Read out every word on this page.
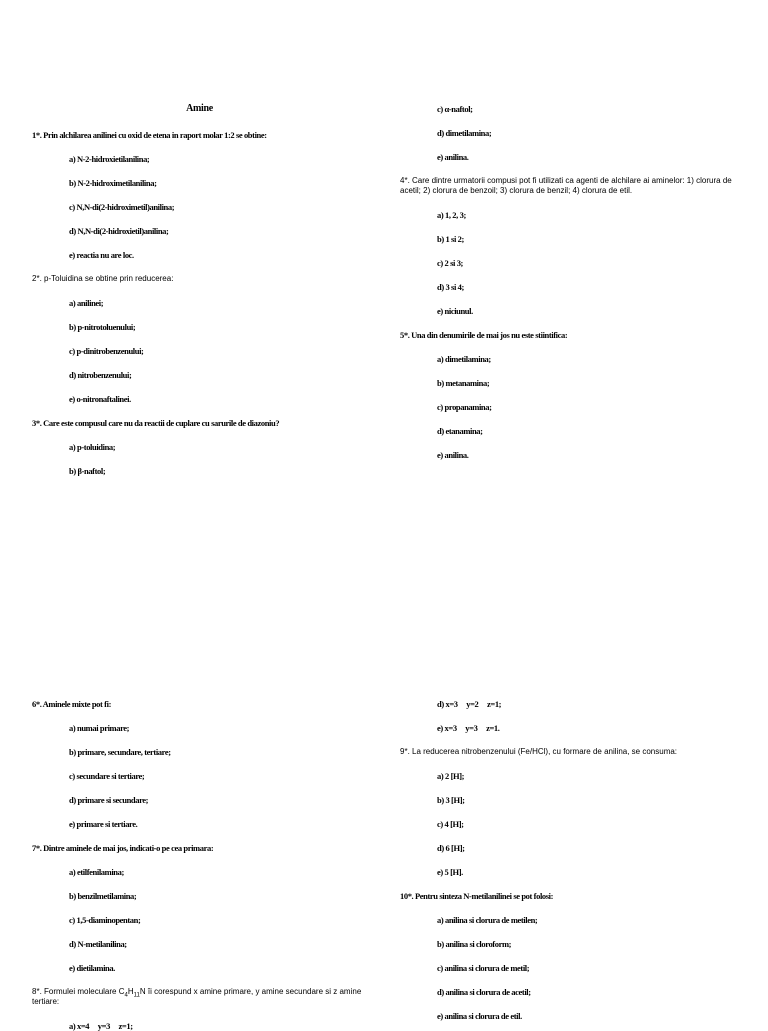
Amine

1*. Prin alchilarea anilinei cu oxid de etena in raport molar 1:2 se obtine:

a) N-2-hidroxietilanilina;

b) N-2-hidroximetilanilina;

c) N,N-di(2-hidroximetil)anilina;

d) N,N-di(2-hidroxietil)anilina;

e) reactia nu are loc.

2*. p-Toluidina se obtine prin reducerea:

a) anilinei;

b) p-nitrotoluenului;

c) p-dinitrobenzenului;

d) nitrobenzenului;

e) o-nitronaftalinei.

3*. Care este compusul care nu da reactii de cuplare cu sarurile de diazoniu?

a) p-toluidina;

b) β-naftol;

c) α-naftol;

d) dimetilamina;

e) anilina.

4*. Care dintre urmatorii compusi pot fi utilizati ca agenti de alchilare ai aminelor: 1) clorura de acetil; 2) clorura de benzoil; 3) clorura de benzil; 4) clorura de etil.

a) 1, 2, 3;

b) 1 si 2;

c) 2 si 3;

d) 3 si 4;

e) niciunul.

5*. Una din denumirile de mai jos nu este stiintifica:

a) dimetilamina;

b) metanamina;

c) propanamina;

d) etanamina;

e) anilina.

6*. Aminele mixte pot fi:

a) numai primare;

b) primare, secundare, tertiare;

c) secundare si tertiare;

d) primare si secundare;

e) primare si tertiare.

7*. Dintre aminele de mai jos, indicati-o pe cea primara:

a) etilfenilamina;

b) benzilmetilamina;

c) 1,5-diaminopentan;

d) N-metilanilina;

e) dietilamina.

8*. Formulei moleculare $C_4H_{11}N$ îi corespund x amine primare, y amine secundare si z amine tertiare:

a) x=4     y=3     z=1;

d) x=3     y=2     z=1;

e) x=3     y=3     z=1.

9*. La reducerea nitrobenzenului (Fe/HCl), cu formare de anilina, se consuma:

a) 2 [H];

b) 3 [H];

c) 4 [H];

d) 6 [H];

e) 5 [H].

10*. Pentru sinteza N-metilanilinei se pot folosi:

a) anilina si clorura de metilen;

b) anilina si cloroform;

c) anilina si clorura de metil;

d) anilina si clorura de acetil;

e) anilina si clorura de etil.
